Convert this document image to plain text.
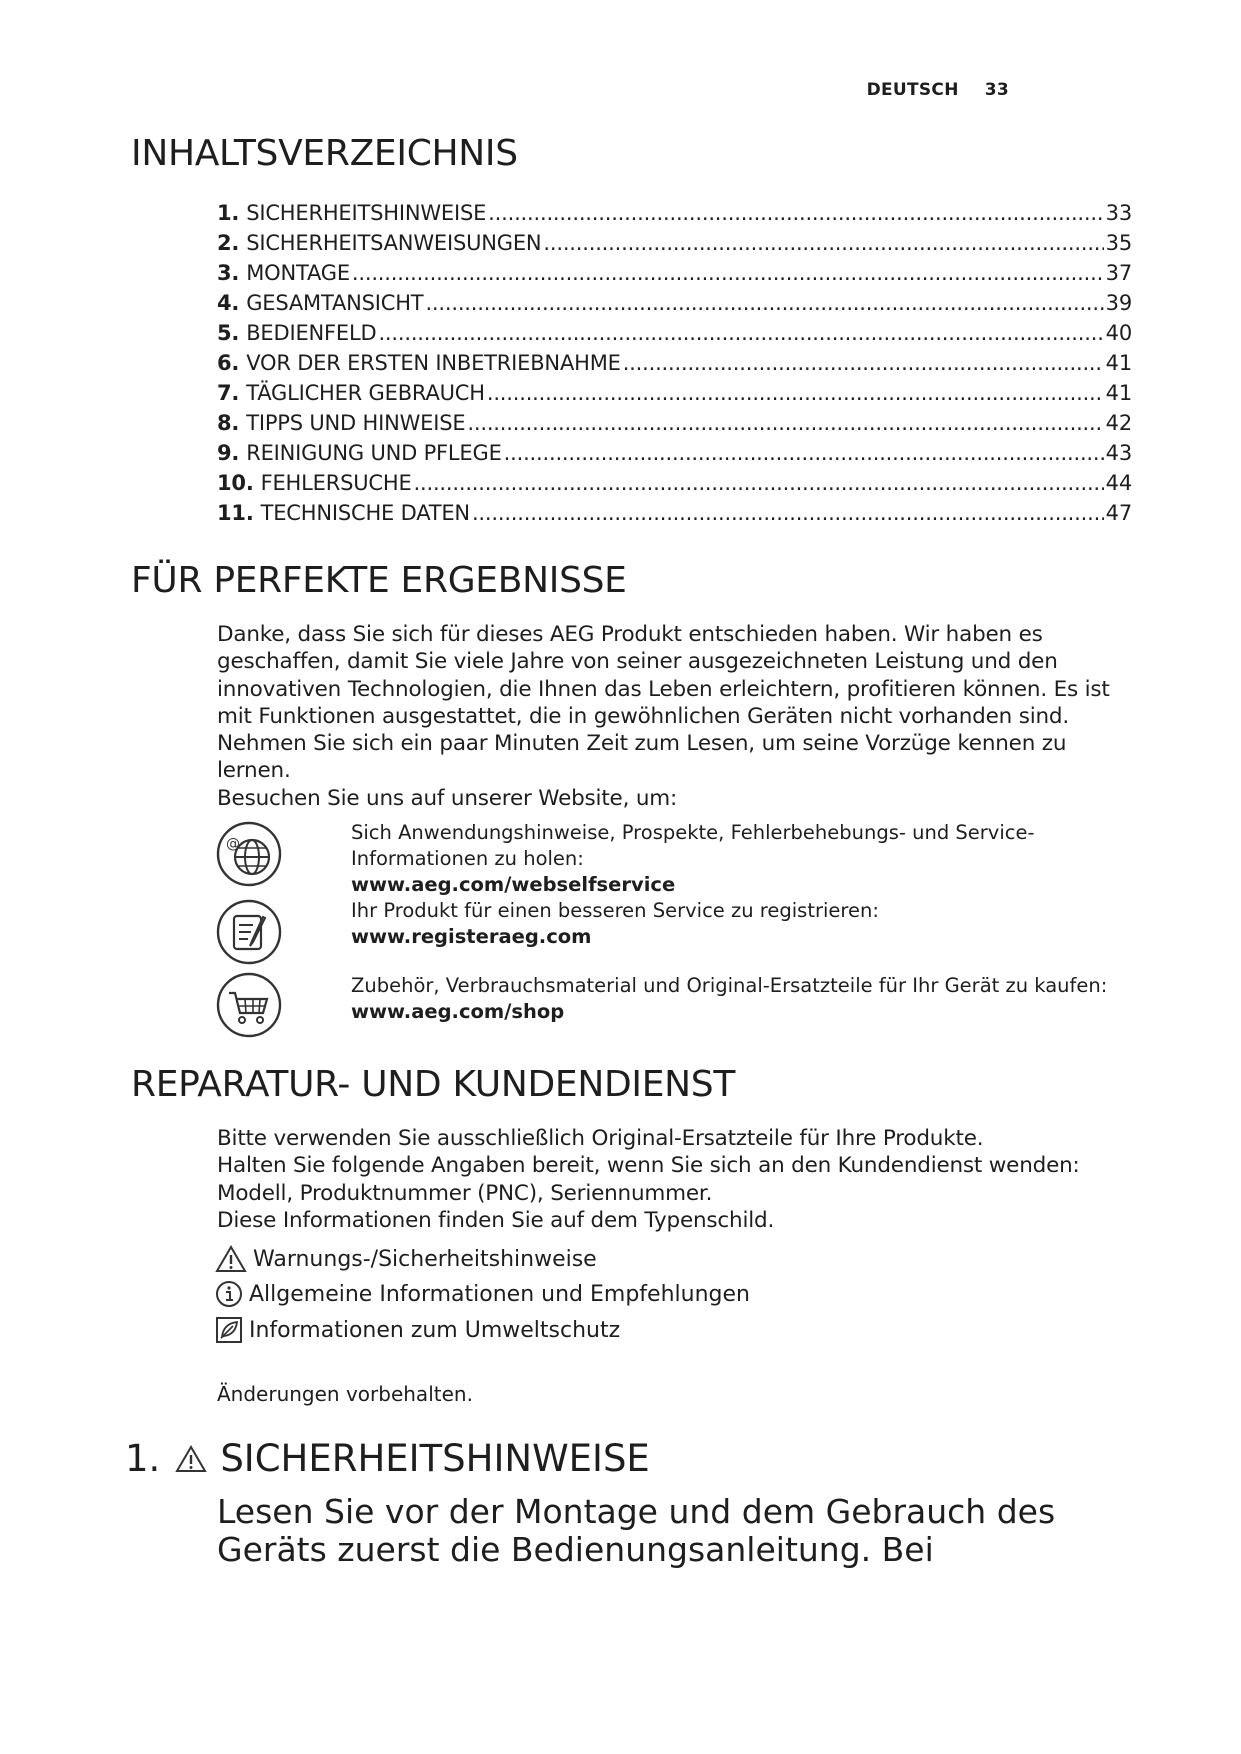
DEUTSCH 33
INHALTSVERZEICHNIS
1. SICHERHEITSHINWEISE .....	33
2. SICHERHEITSANWEISUNGEN .....	35
3. MONTAGE .....	37
4. GESAMTANSICHT .....	39
5. BEDIENFELD .....	40
6. VOR DER ERSTEN INBETRIEBNAHME .....	41
7. TÄGLICHER GEBRAUCH .....	41
8. TIPPS UND HINWEISE .....	42
9. REINIGUNG UND PFLEGE .....	43
10. FEHLERSUCHE .....	44
11. TECHNISCHE DATEN .....	47
FÜR PERFEKTE ERGEBNISSE

Danke, dass Sie sich für dieses AEG Produkt entschieden haben. Wir haben es geschaffen, damit Sie viele Jahre von seiner ausgezeichneten Leistung und den innovativen Technologien, die Ihnen das Leben erleichtern, profitieren können. Es ist mit Funktionen ausgestattet, die in gewöhnlichen Geräten nicht vorhanden sind. Nehmen Sie sich ein paar Minuten Zeit zum Lesen, um seine Vorzüge kennen zu lernen.

Besuchen Sie uns auf unserer Website, um:

@	Sich Anwendungshinweise, Prospekte, Fehlerbehebungs- und Service-Informationen zu holen:
www.aeg.com/webselfservice
Ihr Produkt für einen besseren Service zu registrieren:
www.registeraeg.com
Zubehör, Verbrauchsmaterial und Original-Ersatzteile für Ihr Gerät zu kaufen:
www.aeg.com/shop
REPARATUR- UND KUNDENDIENST

Bitte verwenden Sie ausschließlich Original-Ersatzteile für Ihre Produkte.

Halten Sie folgende Angaben bereit, wenn Sie sich an den Kundendienst wenden: Modell, Produktnummer (PNC), Seriennummer.

Diese Informationen finden Sie auf dem Typenschild.

Warnungs-/Sicherheitshinweise
Allgemeine Informationen und Empfehlungen
Informationen zum Umweltschutz
Änderungen vorbehalten.
1. SICHERHEITSHINWEISE
Lesen Sie vor der Montage und dem Gebrauch des Geräts zuerst die Bedienungsanleitung. Bei
